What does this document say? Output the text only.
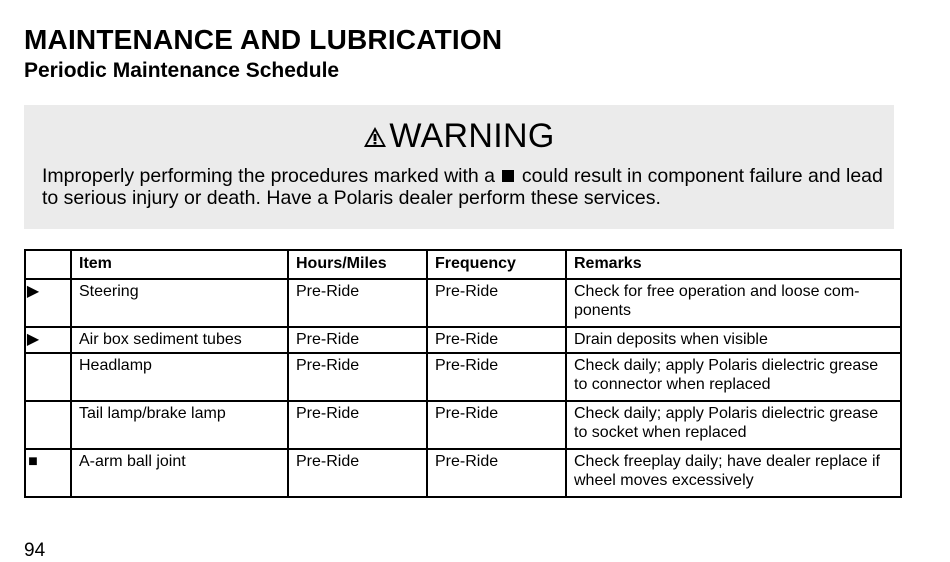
MAINTENANCE AND LUBRICATION
Periodic Maintenance Schedule
WARNING
Improperly performing the procedures marked with a could result in component failure and lead to serious injury or death. Have a Polaris dealer perform these services.
	Item	Hours/Miles	Frequency	Remarks
▶	Steering	Pre-Ride	Pre-Ride	Check for free operation and loose com-ponents
▶	Air box sediment tubes	Pre-Ride	Pre-Ride	Drain deposits when visible
	Headlamp	Pre-Ride	Pre-Ride	Check daily; apply Polaris dielectric grease to connector when replaced
	Tail lamp/brake lamp	Pre-Ride	Pre-Ride	Check daily; apply Polaris dielectric grease to socket when replaced
■	A-arm ball joint	Pre-Ride	Pre-Ride	Check freeplay daily; have dealer replace if wheel moves excessively
94
